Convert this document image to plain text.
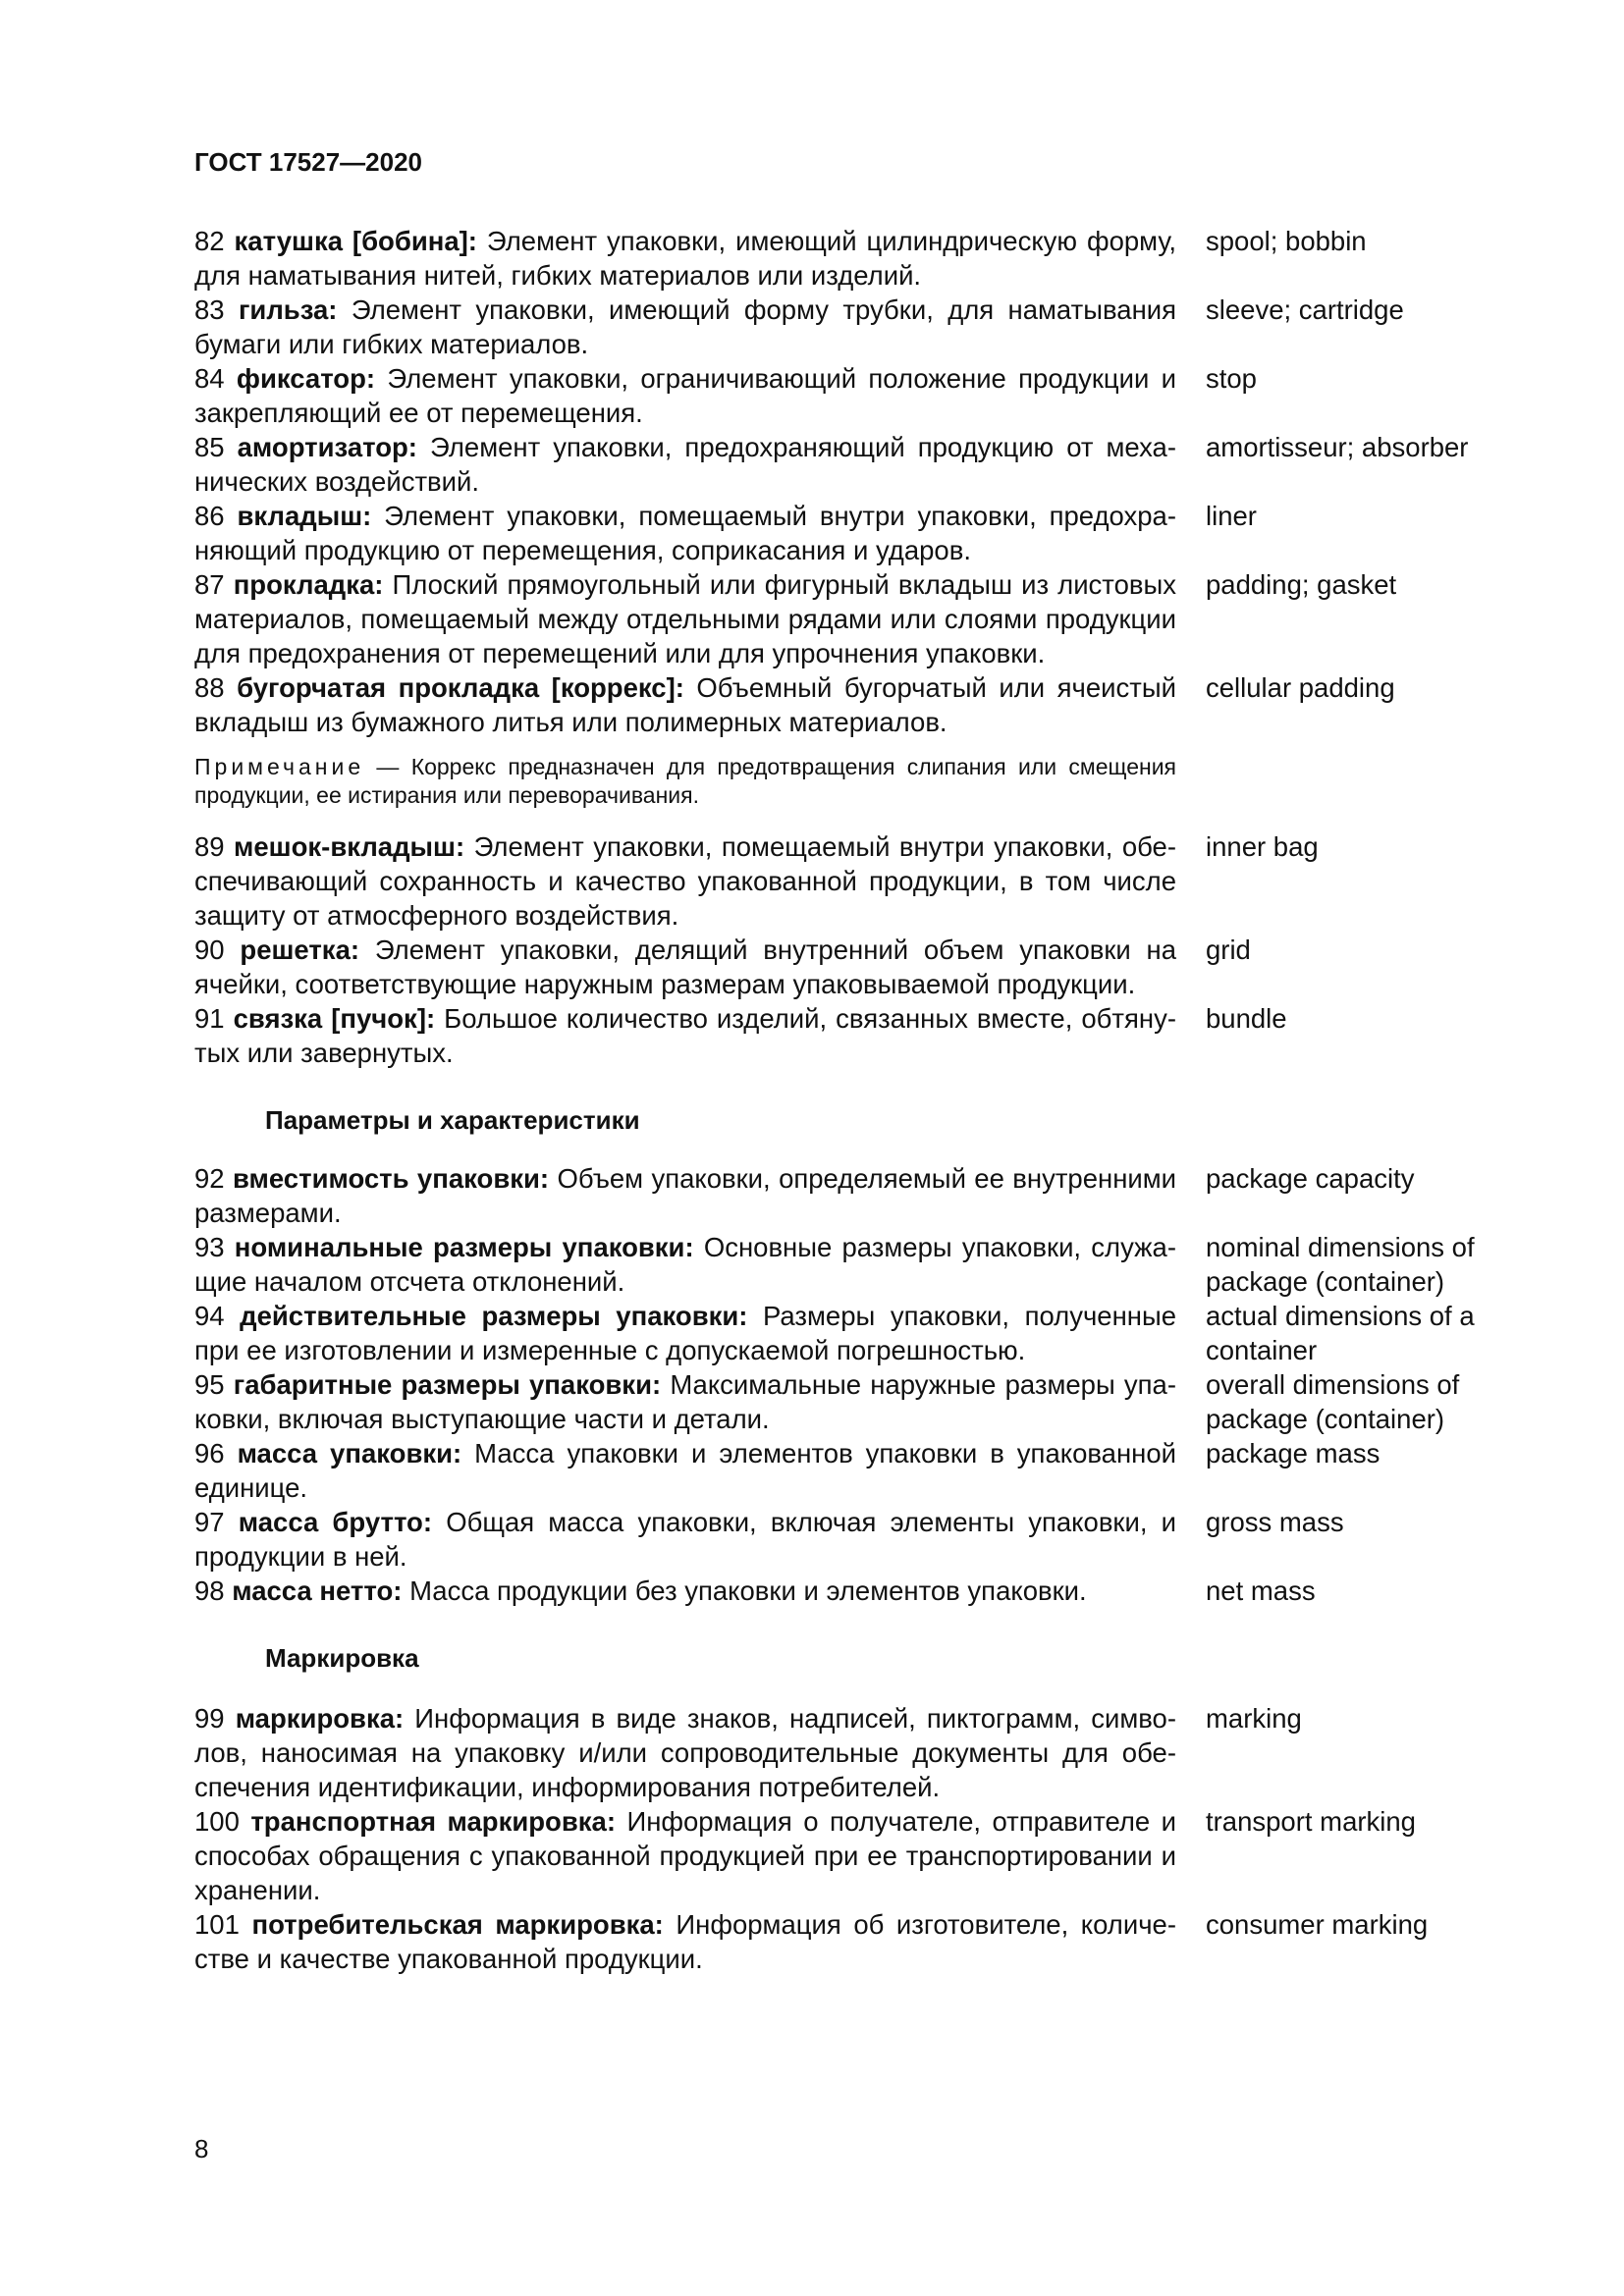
ГОСТ 17527—2020
82 катушка [бобина]: Элемент упаковки, имеющий цилиндрическую форму, для наматывания нитей, гибких материалов или изделий.
spool; bobbin
83 гильза: Элемент упаковки, имеющий форму трубки, для наматывания бумаги или гибких материалов.
sleeve; cartridge
84 фиксатор: Элемент упаковки, ограничивающий положение продукции и закрепляющий ее от перемещения.
stop
85 амортизатор: Элемент упаковки, предохраняющий продукцию от механических воздействий.
amortisseur; absorber
86 вкладыш: Элемент упаковки, помещаемый внутри упаковки, предохраняющий продукцию от перемещения, соприкасания и ударов.
liner
87 прокладка: Плоский прямоугольный или фигурный вкладыш из листовых материалов, помещаемый между отдельными рядами или слоями продукции для предохранения от перемещений или для упрочнения упаковки.
padding; gasket
88 бугорчатая прокладка [коррекс]: Объемный бугорчатый или ячеистый вкладыш из бумажного литья или полимерных материалов.
cellular padding
Примечание — Коррекс предназначен для предотвращения слипания или смещения продукции, ее истирания или переворачивания.
89 мешок-вкладыш: Элемент упаковки, помещаемый внутри упаковки, обеспечивающий сохранность и качество упакованной продукции, в том числе защиту от атмосферного воздействия.
inner bag
90 решетка: Элемент упаковки, делящий внутренний объем упаковки на ячейки, соответствующие наружным размерам упаковываемой продукции.
grid
91 связка [пучок]: Большое количество изделий, связанных вместе, обтянутых или завернутых.
bundle
Параметры и характеристики
92 вместимость упаковки: Объем упаковки, определяемый ее внутренними размерами.
package capacity
93 номинальные размеры упаковки: Основные размеры упаковки, служащие началом отсчета отклонений.
nominal dimensions of package (container)
94 действительные размеры упаковки: Размеры упаковки, полученные при ее изготовлении и измеренные с допускаемой погрешностью.
actual dimensions of a container
95 габаритные размеры упаковки: Максимальные наружные размеры упаковки, включая выступающие части и детали.
overall dimensions of package (container)
96 масса упаковки: Масса упаковки и элементов упаковки в упакованной единице.
package mass
97 масса брутто: Общая масса упаковки, включая элементы упаковки, и продукции в ней.
gross mass
98 масса нетто: Масса продукции без упаковки и элементов упаковки.	net mass
Маркировка
99 маркировка: Информация в виде знаков, надписей, пиктограмм, символов, наносимая на упаковку и/или сопроводительные документы для обеспечения идентификации, информирования потребителей.
marking
100 транспортная маркировка: Информация о получателе, отправителе и способах обращения с упакованной продукцией при ее транспортировании и хранении.
transport marking
101 потребительская маркировка: Информация об изготовителе, количестве и качестве упакованной продукции.
consumer marking
8
